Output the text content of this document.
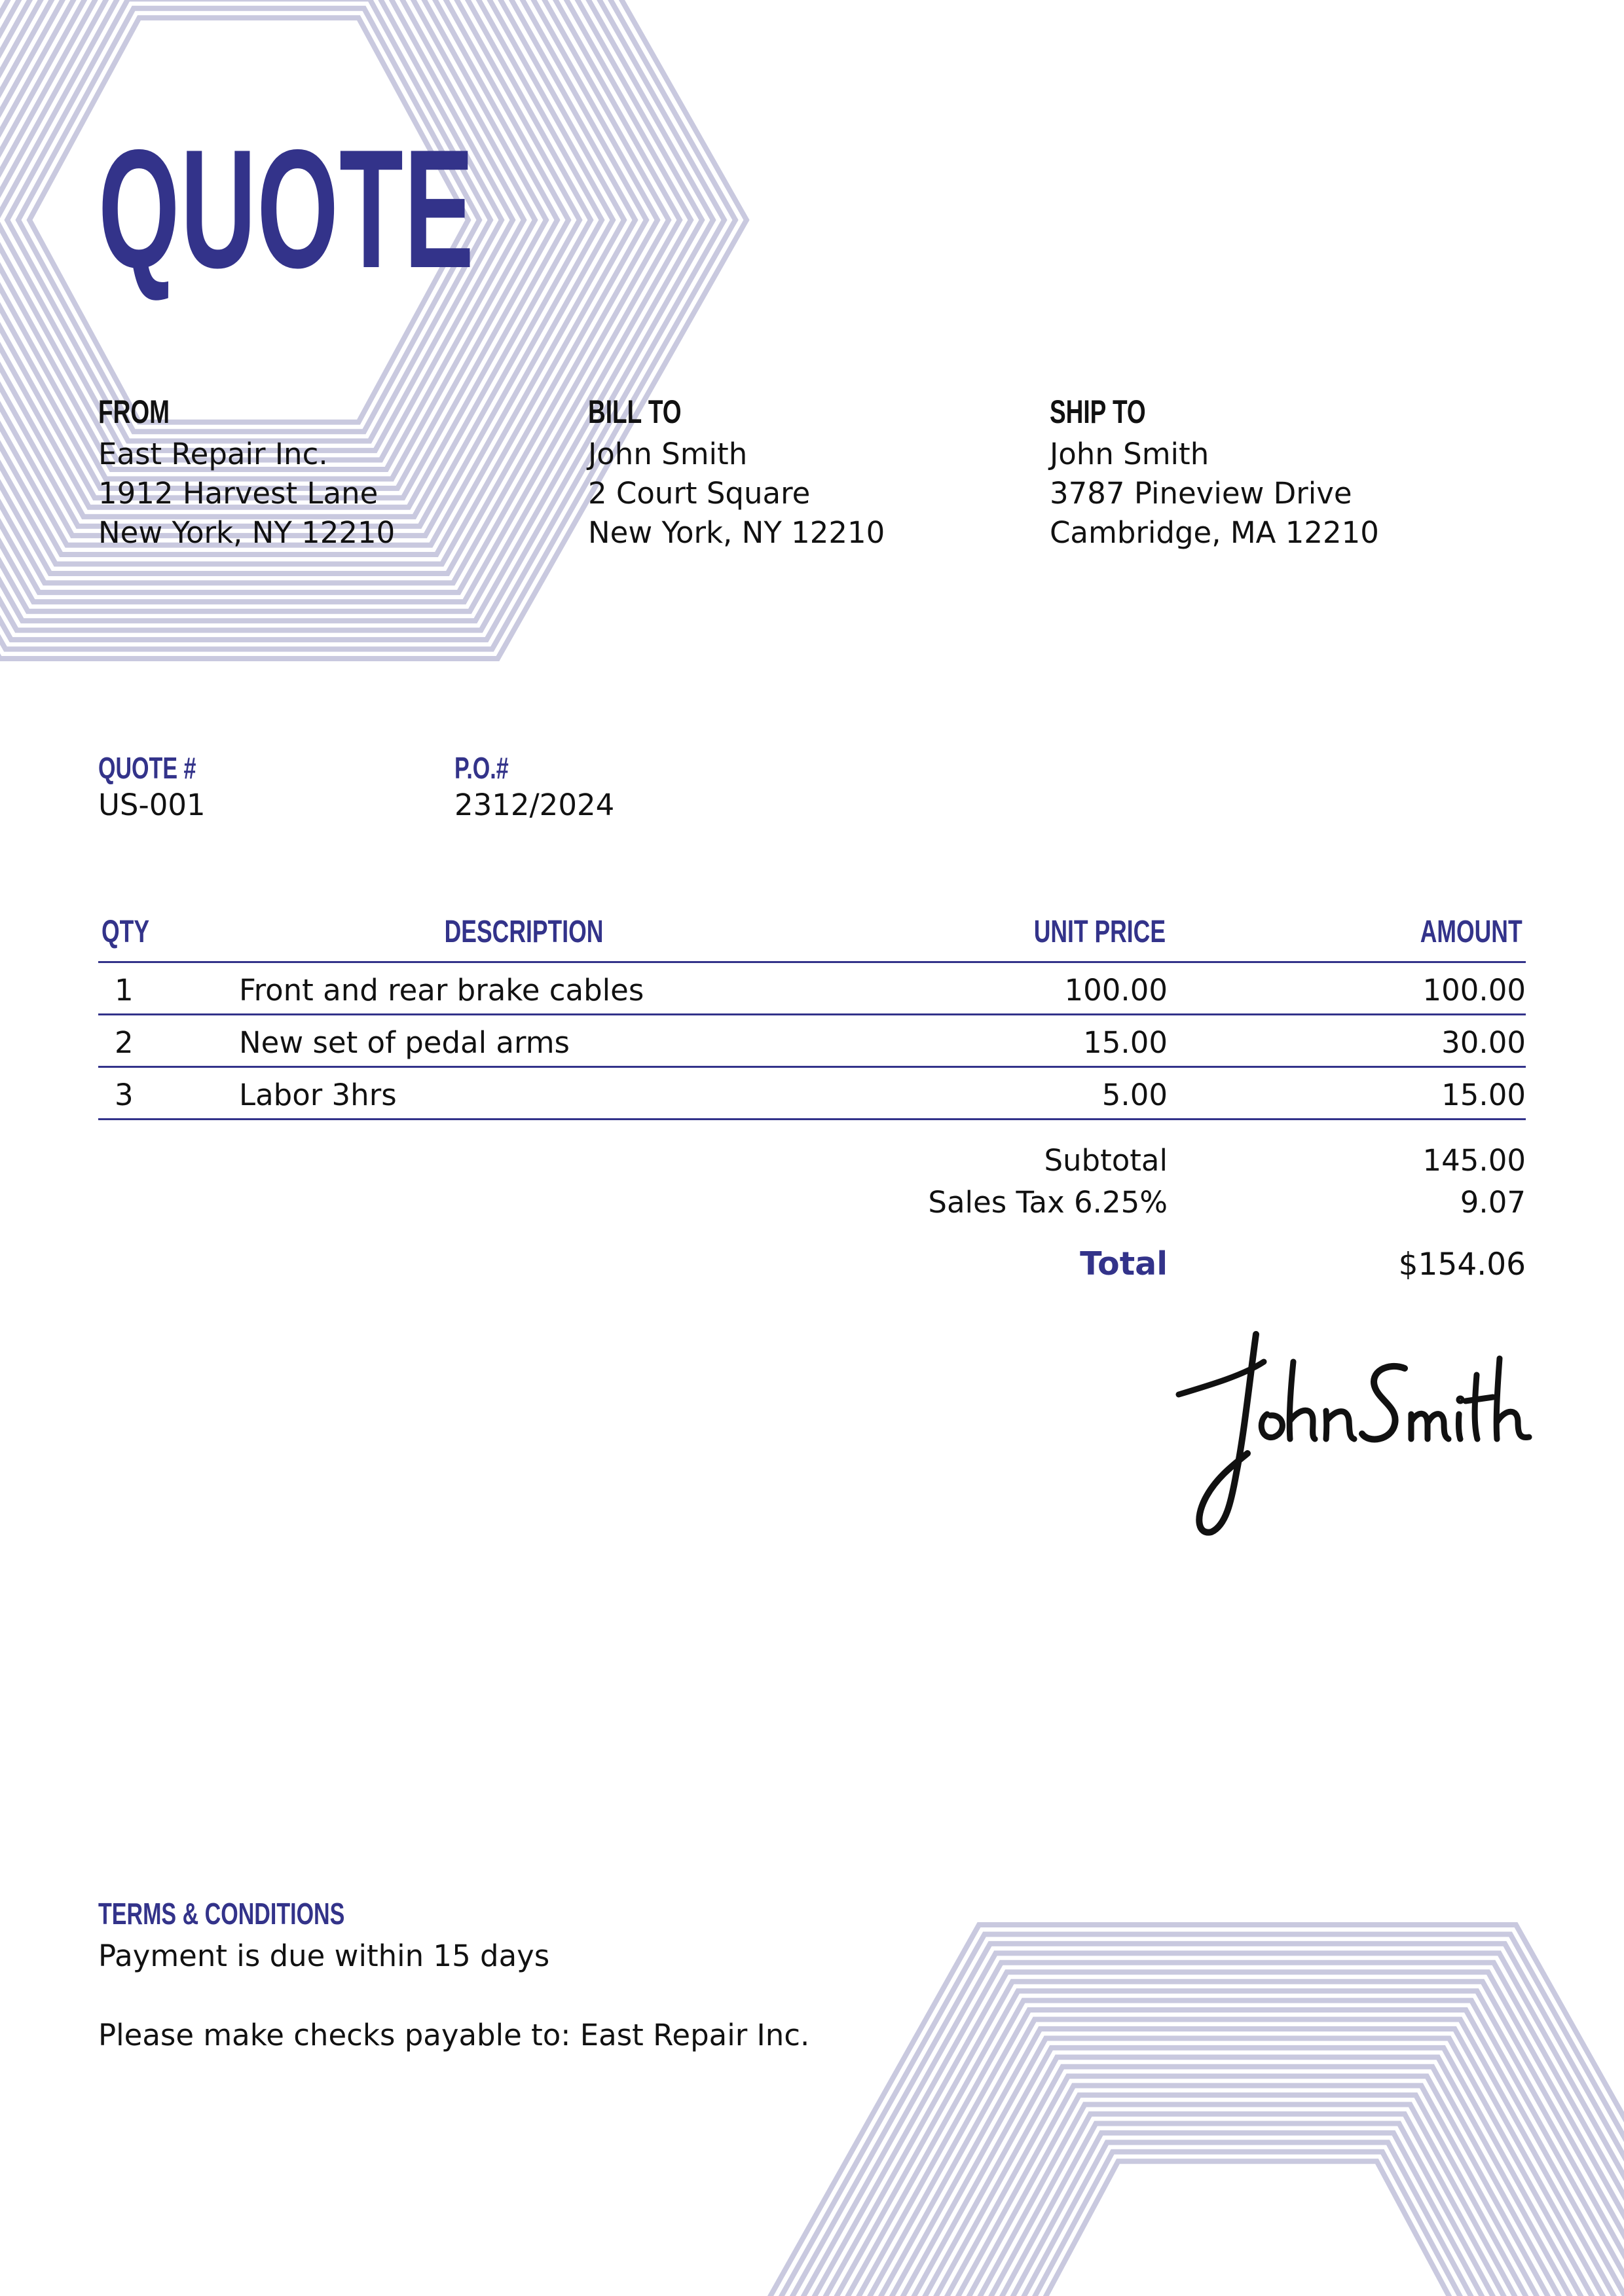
QUOTE
FROM
East Repair Inc.
1912 Harvest Lane
New York, NY 12210
BILL TO
John Smith
2 Court Square
New York, NY 12210
SHIP TO
John Smith
3787 Pineview Drive
Cambridge, MA 12210
QUOTE #
US-001
P.O.#
2312/2024
QTY	DESCRIPTION	UNIT PRICE	AMOUNT
1	Front and rear brake cables	100.00	100.00
2	New set of pedal arms	15.00	30.00
3	Labor 3hrs	5.00	15.00
Subtotal	145.00
Sales Tax 6.25%	9.07
Total	$154.06
TERMS & CONDITIONS
Payment is due within 15 days
Please make checks payable to: East Repair Inc.
